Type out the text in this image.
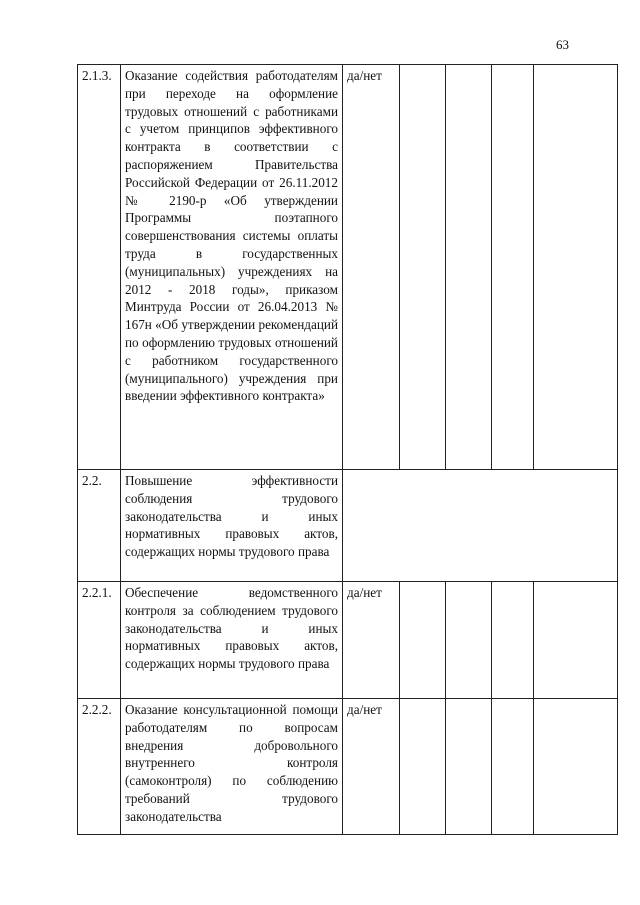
63
2.1.3.	Оказание содействия работодателям при переходе на оформление трудовых отношений с работниками с учетом принципов эффективного контракта в соответствии с распоряжением Правительства Российской Федерации от 26.11.2012 № 2190-р «Об утверждении Программы поэтапного совершенствования системы оплаты труда в государственных (муниципальных) учреждениях на 2012 - 2018 годы», приказом Минтруда России от 26.04.2013 № 167н «Об утверждении рекомендаций по оформлению трудовых отношений с работником государственного (муниципального) учреждения при введении эффективного контракта»	да/нет				
2.2.	Повышение эффективности соблюдения трудового законодательства и иных нормативных правовых актов, содержащих нормы трудового права					
2.2.1.	Обеспечение ведомственного контроля за соблюдением трудового законодательства и иных нормативных правовых актов, содержащих нормы трудового права	да/нет				
2.2.2.	Оказание консультационной помощи работодателям по вопросам внедрения добровольного внутреннего контроля (самоконтроля) по соблюдению требований трудового законодательства	да/нет				
